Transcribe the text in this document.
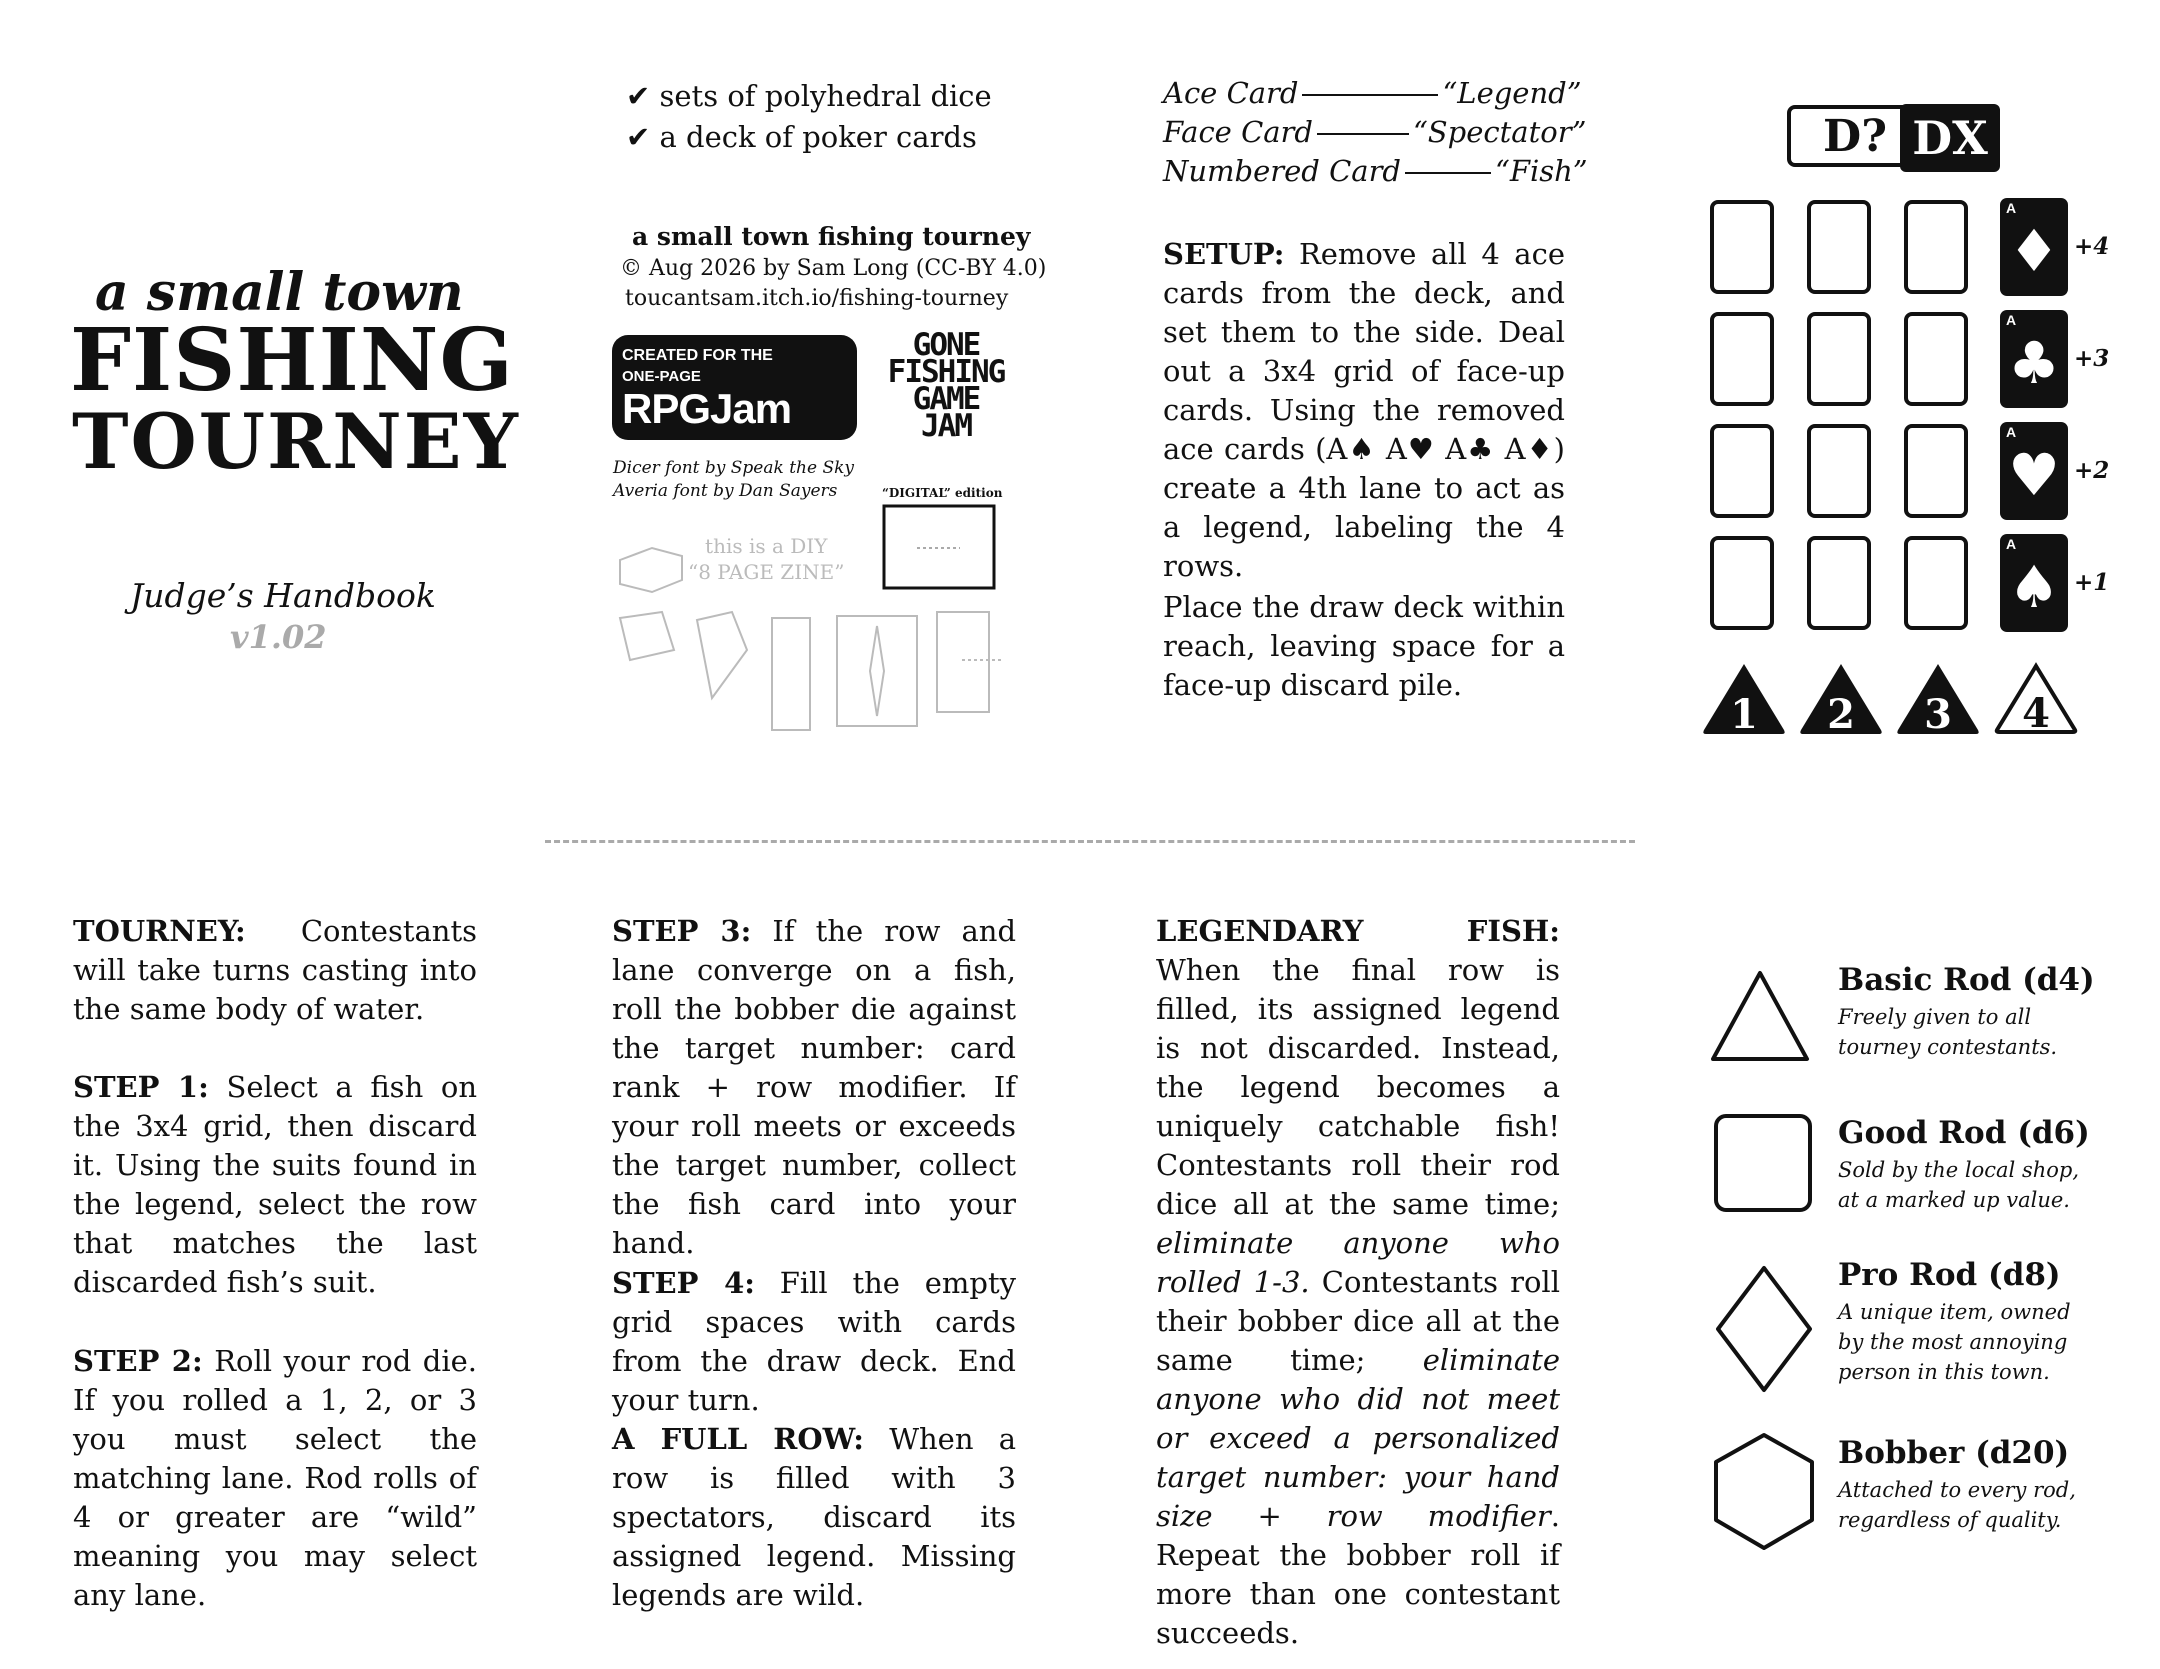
a small town
FISHING
TOURNEY
Judge’s Handbook
v1.02
✔ sets of polyhedral dice
✔ a deck of poker cards
a small town fishing tourney
© Aug 2026 by Sam Long (CC-BY 4.0)
toucantsam.itch.io/fishing-tourney
CREATED FOR THE
ONE-PAGE
RPGJam
GONE
FISHING
GAME
JAM
Dicer font by Speak the Sky
Averia font by Dan Sayers	“DIGITAL” edition
this is a DIY
“8 PAGE ZINE”
Ace Card	“Legend”
Face Card	“Spectator”
Numbered Card	“Fish”
SETUP: Remove all 4 ace cards from the deck, and set them to the side. Deal out a 3x4 grid of face-up cards. Using the removed ace cards (A♠ A♥ A♣ A♦) create a 4th lane to act as a legend, labeling the 4 rows.
Place the draw deck within reach, leaving space for a face-up discard pile.
D? DX
A
♦ +4
A
♣ +3
A
♥ +2
A
♠ +1
1 2 3 4
TOURNEY: Contestants will take turns casting into the same body of water.
STEP 1: Select a fish on the 3x4 grid, then discard it. Using the suits found in the legend, select the row that matches the last discarded fish’s suit.
STEP 2: Roll your rod die. If you rolled a 1, 2, or 3 you must select the matching lane. Rod rolls of 4 or greater are “wild” meaning you may select any lane.
STEP 3: If the row and lane converge on a fish, roll the bobber die against the target number: card rank + row modifier. If your roll meets or exceeds the target number, collect the fish card into your hand.
STEP 4: Fill the empty grid spaces with cards from the draw deck. End your turn.
A FULL ROW: When a row is filled with 3 spectators, discard its assigned legend. Missing legends are wild.
LEGENDARY FISH: When the final row is filled, its assigned legend is not discarded. Instead, the legend becomes a uniquely catchable fish! Contestants roll their rod dice all at the same time; eliminate anyone who rolled 1-3. Contestants roll their bobber dice all at the same time; eliminate anyone who did not meet or exceed a personalized target number: your hand size + row modifier. Repeat the bobber roll if more than one contestant succeeds.
Basic Rod (d4)
Freely given to all
tourney contestants.
Good Rod (d6)
Sold by the local shop,
at a marked up value.
Pro Rod (d8)
A unique item, owned
by the most annoying
person in this town.
Bobber (d20)
Attached to every rod,
regardless of quality.
